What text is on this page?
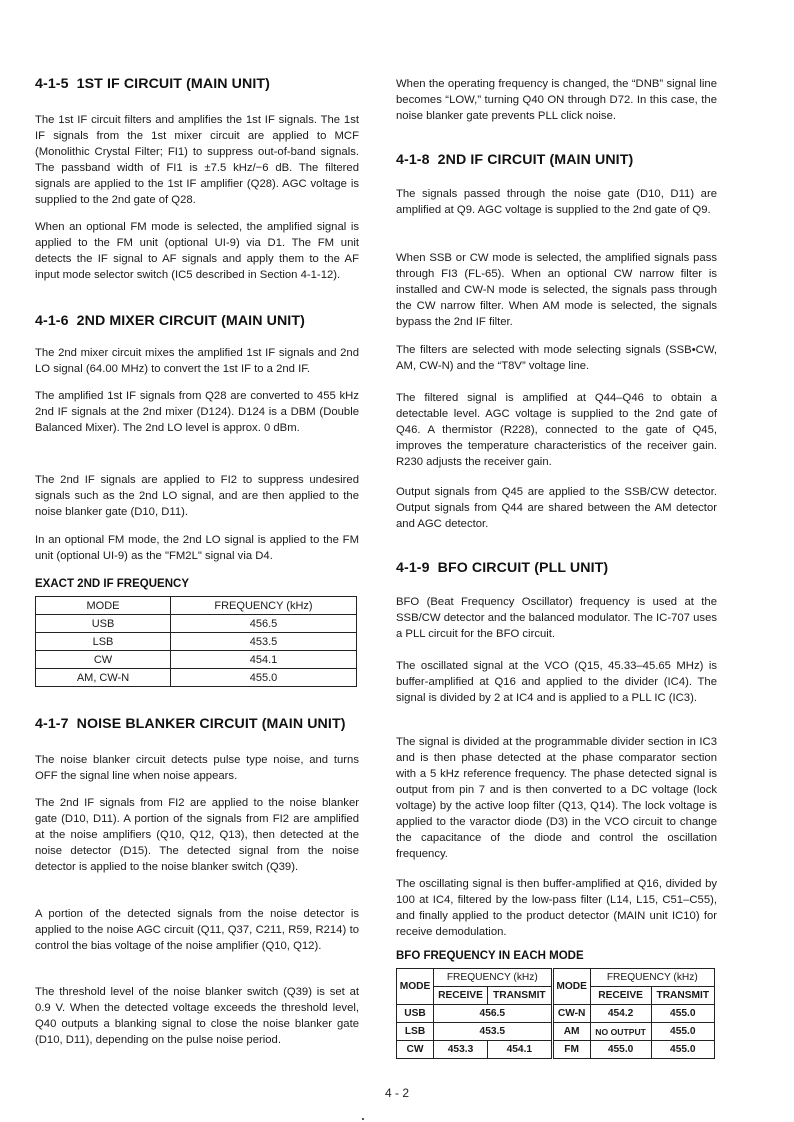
4-1-5 1ST IF CIRCUIT (MAIN UNIT)

The 1st IF circuit filters and amplifies the 1st IF signals. The 1st IF signals from the 1st mixer circuit are applied to MCF (Monolithic Crystal Filter; FI1) to suppress out-of-band signals. The passband width of FI1 is ±7.5 kHz/−6 dB. The filtered signals are applied to the 1st IF amplifier (Q28). AGC voltage is supplied to the 2nd gate of Q28.

When an optional FM mode is selected, the amplified signal is applied to the FM unit (optional UI-9) via D1. The FM unit detects the IF signal to AF signals and apply them to the AF input mode selector switch (IC5 described in Section 4-1-12).

4-1-6 2ND MIXER CIRCUIT (MAIN UNIT)

The 2nd mixer circuit mixes the amplified 1st IF signals and 2nd LO signal (64.00 MHz) to convert the 1st IF to a 2nd IF.

The amplified 1st IF signals from Q28 are converted to 455 kHz 2nd IF signals at the 2nd mixer (D124). D124 is a DBM (Double Balanced Mixer). The 2nd LO level is approx. 0 dBm.

The 2nd IF signals are applied to FI2 to suppress undesired signals such as the 2nd LO signal, and are then applied to the noise blanker gate (D10, D11).

In an optional FM mode, the 2nd LO signal is applied to the FM unit (optional UI-9) as the "FM2L" signal via D4.

EXACT 2ND IF FREQUENCY
MODE	FREQUENCY (kHz)
USB	456.5
LSB	453.5
CW	454.1
AM, CW-N	455.0
4-1-7 NOISE BLANKER CIRCUIT (MAIN UNIT)

The noise blanker circuit detects pulse type noise, and turns OFF the signal line when noise appears.

The 2nd IF signals from FI2 are applied to the noise blanker gate (D10, D11). A portion of the signals from FI2 are amplified at the noise amplifiers (Q10, Q12, Q13), then detected at the noise detector (D15). The detected signal from the noise detector is applied to the noise blanker switch (Q39).

A portion of the detected signals from the noise detector is applied to the noise AGC circuit (Q11, Q37, C211, R59, R214) to control the bias voltage of the noise amplifier (Q10, Q12).

The threshold level of the noise blanker switch (Q39) is set at 0.9 V. When the detected voltage exceeds the threshold level, Q40 outputs a blanking signal to close the noise blanker gate (D10, D11), depending on the pulse noise period.

When the operating frequency is changed, the “DNB” signal line becomes “LOW,” turning Q40 ON through D72. In this case, the noise blanker gate prevents PLL click noise.

4-1-8 2ND IF CIRCUIT (MAIN UNIT)

The signals passed through the noise gate (D10, D11) are amplified at Q9. AGC voltage is supplied to the 2nd gate of Q9.

When SSB or CW mode is selected, the amplified signals pass through FI3 (FL-65). When an optional CW narrow filter is installed and CW-N mode is selected, the signals pass through the CW narrow filter. When AM mode is selected, the signals bypass the 2nd IF filter.

The filters are selected with mode selecting signals (SSB•CW, AM, CW-N) and the “T8V” voltage line.

The filtered signal is amplified at Q44–Q46 to obtain a detectable level. AGC voltage is supplied to the 2nd gate of Q46. A thermistor (R228), connected to the gate of Q45, improves the temperature characteristics of the receiver gain. R230 adjusts the receiver gain.

Output signals from Q45 are applied to the SSB/CW detector. Output signals from Q44 are shared between the AM detector and AGC detector.

4-1-9 BFO CIRCUIT (PLL UNIT)

BFO (Beat Frequency Oscillator) frequency is used at the SSB/CW detector and the balanced modulator. The IC-707 uses a PLL circuit for the BFO circuit.

The oscillated signal at the VCO (Q15, 45.33–45.65 MHz) is buffer-amplified at Q16 and applied to the divider (IC4). The signal is divided by 2 at IC4 and is applied to a PLL IC (IC3).

The signal is divided at the programmable divider section in IC3 and is then phase detected at the phase comparator section with a 5 kHz reference frequency. The phase detected signal is output from pin 7 and is then converted to a DC voltage (lock voltage) by the active loop filter (Q13, Q14). The lock voltage is applied to the varactor diode (D3) in the VCO circuit to change the capacitance of the diode and control the oscillation frequency.

The oscillating signal is then buffer-amplified at Q16, divided by 100 at IC4, filtered by the low-pass filter (L14, L15, C51–C55), and finally applied to the product detector (MAIN unit IC10) for receive demodulation.

BFO FREQUENCY IN EACH MODE
MODE	FREQUENCY (kHz)		MODE	FREQUENCY (kHz)	
	RECEIVE	TRANSMIT		RECEIVE	TRANSMIT
USB	456.5		CW-N	454.2	455.0
LSB	453.5		AM	NO OUTPUT	455.0
CW	453.3	454.1	FM	455.0	455.0
4 - 2
